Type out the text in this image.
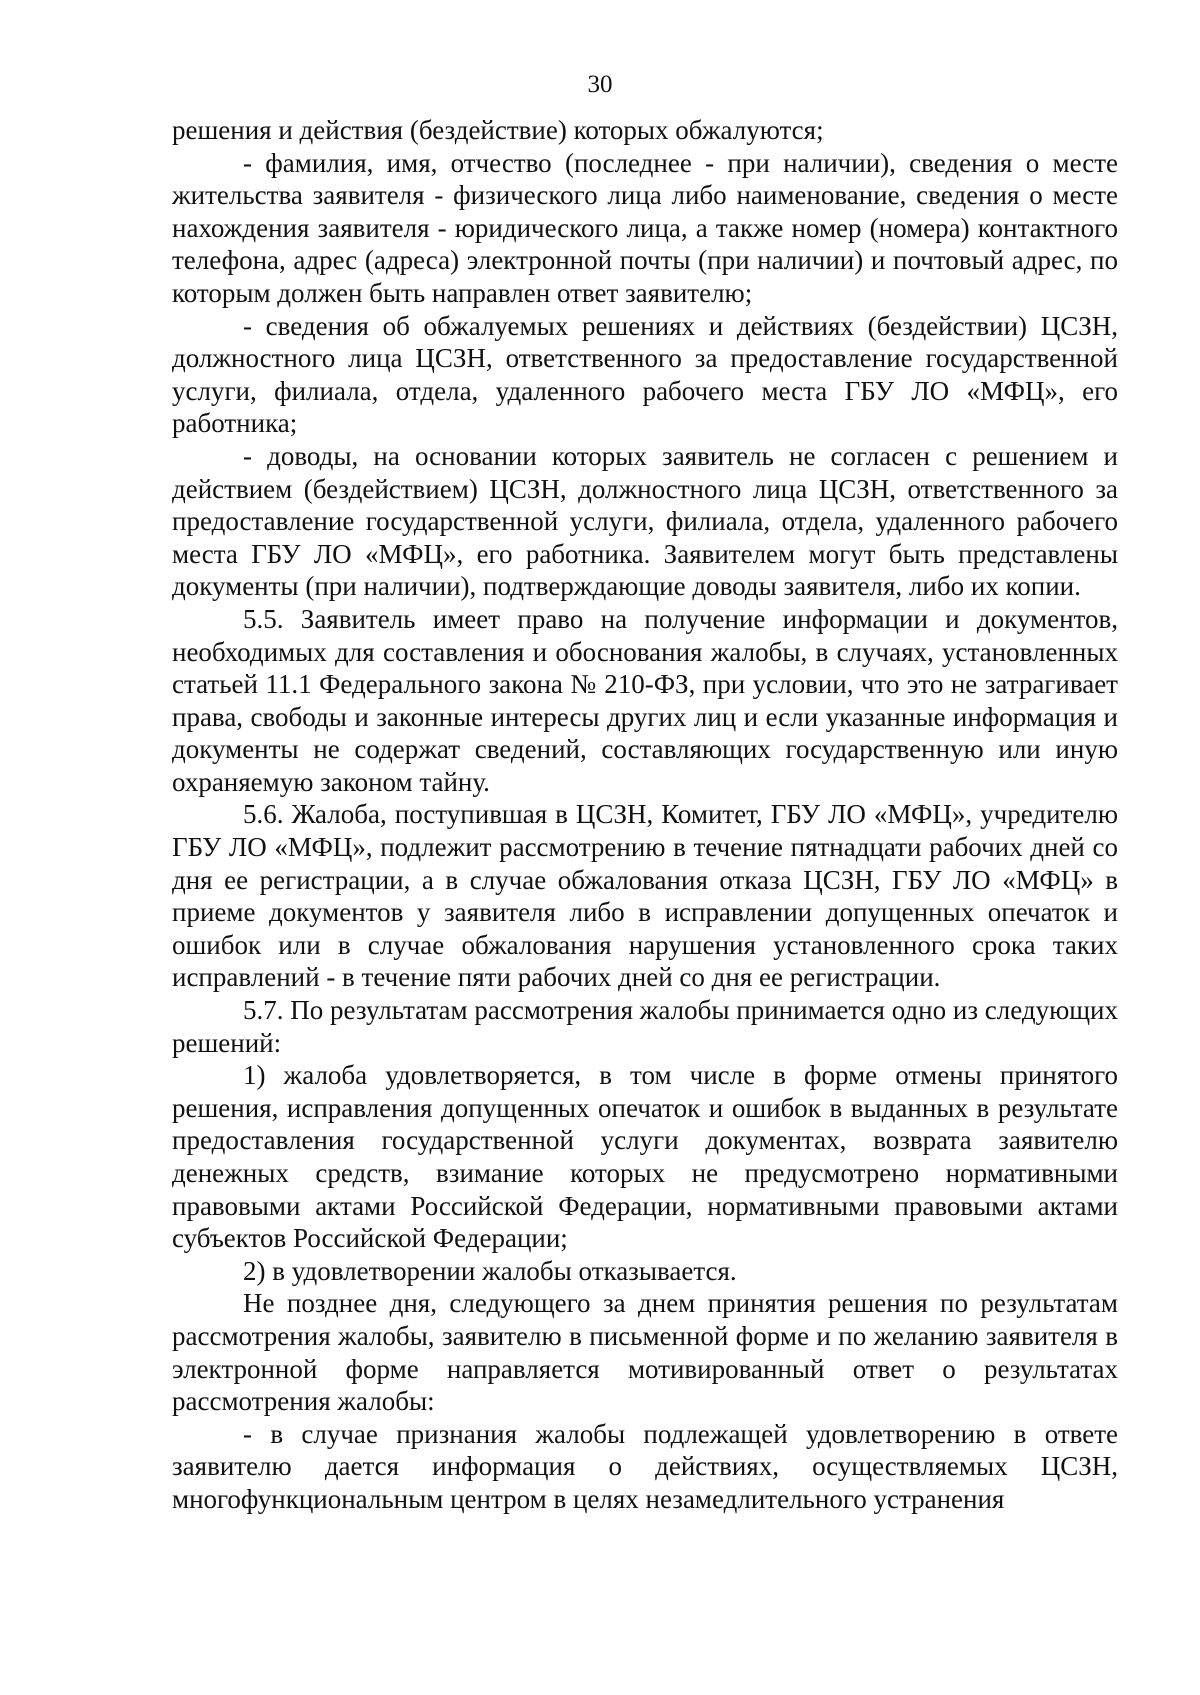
30

решения и действия (бездействие) которых обжалуются;

- фамилия, имя, отчество (последнее - при наличии), сведения о месте жительства заявителя - физического лица либо наименование, сведения о месте нахождения заявителя - юридического лица, а также номер (номера) контактного телефона, адрес (адреса) электронной почты (при наличии) и почтовый адрес, по которым должен быть направлен ответ заявителю;

- сведения об обжалуемых решениях и действиях (бездействии) ЦСЗН, должностного лица ЦСЗН, ответственного за предоставление государственной услуги, филиала, отдела, удаленного рабочего места ГБУ ЛО «МФЦ», его работника;

- доводы, на основании которых заявитель не согласен с решением и действием (бездействием) ЦСЗН, должностного лица ЦСЗН, ответственного за предоставление государственной услуги, филиала, отдела, удаленного рабочего места ГБУ ЛО «МФЦ», его работника. Заявителем могут быть представлены документы (при наличии), подтверждающие доводы заявителя, либо их копии.

5.5. Заявитель имеет право на получение информации и документов, необходимых для составления и обоснования жалобы, в случаях, установленных статьей 11.1 Федерального закона № 210-ФЗ, при условии, что это не затрагивает права, свободы и законные интересы других лиц и если указанные информация и документы не содержат сведений, составляющих государственную или иную охраняемую законом тайну.

5.6. Жалоба, поступившая в ЦСЗН, Комитет, ГБУ ЛО «МФЦ», учредителю ГБУ ЛО «МФЦ», подлежит рассмотрению в течение пятнадцати рабочих дней со дня ее регистрации, а в случае обжалования отказа ЦСЗН, ГБУ ЛО «МФЦ» в приеме документов у заявителя либо в исправлении допущенных опечаток и ошибок или в случае обжалования нарушения установленного срока таких исправлений - в течение пяти рабочих дней со дня ее регистрации.

5.7. По результатам рассмотрения жалобы принимается одно из следующих решений:

1) жалоба удовлетворяется, в том числе в форме отмены принятого решения, исправления допущенных опечаток и ошибок в выданных в результате предоставления государственной услуги документах, возврата заявителю денежных средств, взимание которых не предусмотрено нормативными правовыми актами Российской Федерации, нормативными правовыми актами субъектов Российской Федерации;

2) в удовлетворении жалобы отказывается.

Не позднее дня, следующего за днем принятия решения по результатам рассмотрения жалобы, заявителю в письменной форме и по желанию заявителя в электронной форме направляется мотивированный ответ о результатах рассмотрения жалобы:

- в случае признания жалобы подлежащей удовлетворению в ответе заявителю дается информация о действиях, осуществляемых ЦСЗН, многофункциональным центром в целях незамедлительного устранения
